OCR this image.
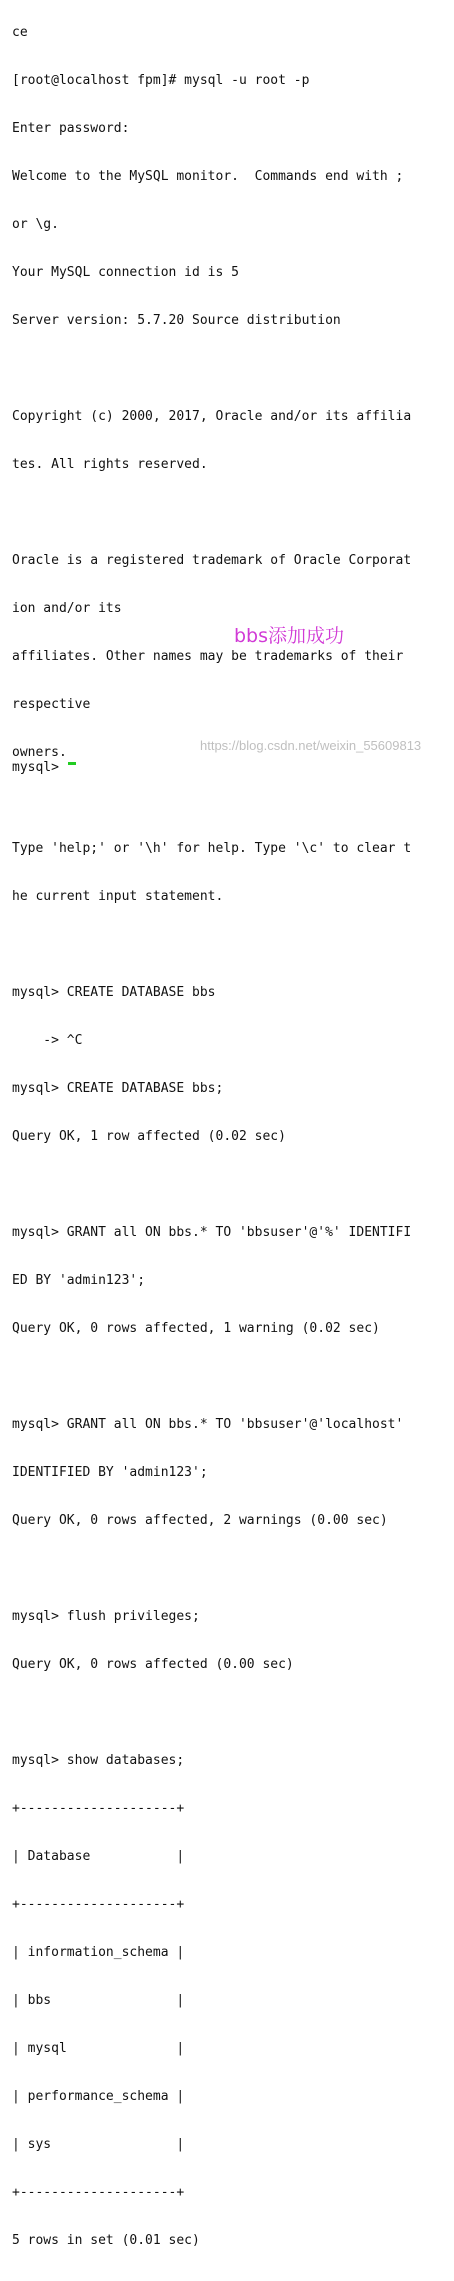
ce

[root@localhost fpm]# mysql -u root -p

Enter password:

Welcome to the MySQL monitor.  Commands end with ;

or \g.

Your MySQL connection id is 5

Server version: 5.7.20 Source distribution

Copyright (c) 2000, 2017, Oracle and/or its affilia

tes. All rights reserved.

Oracle is a registered trademark of Oracle Corporat

ion and/or its

affiliates. Other names may be trademarks of their

respective

owners.

Type 'help;' or '\h' for help. Type '\c' to clear t

he current input statement.

mysql> CREATE DATABASE bbs

-> ^C

mysql> CREATE DATABASE bbs;

Query OK, 1 row affected (0.02 sec)

mysql> GRANT all ON bbs.* TO 'bbsuser'@'%' IDENTIFI

ED BY 'admin123';

Query OK, 0 rows affected, 1 warning (0.02 sec)

mysql> GRANT all ON bbs.* TO 'bbsuser'@'localhost'

IDENTIFIED BY 'admin123';

Query OK, 0 rows affected, 2 warnings (0.00 sec)

mysql> flush privileges;

Query OK, 0 rows affected (0.00 sec)

mysql> show databases;

+--------------------+

| Database           |

+--------------------+

| information_schema |

| bbs                |

| mysql              |

| performance_schema |

| sys                |

+--------------------+

5 rows in set (0.01 sec)

bbs添加成功
https://blog.csdn.net/weixin_55609813
mysql>
